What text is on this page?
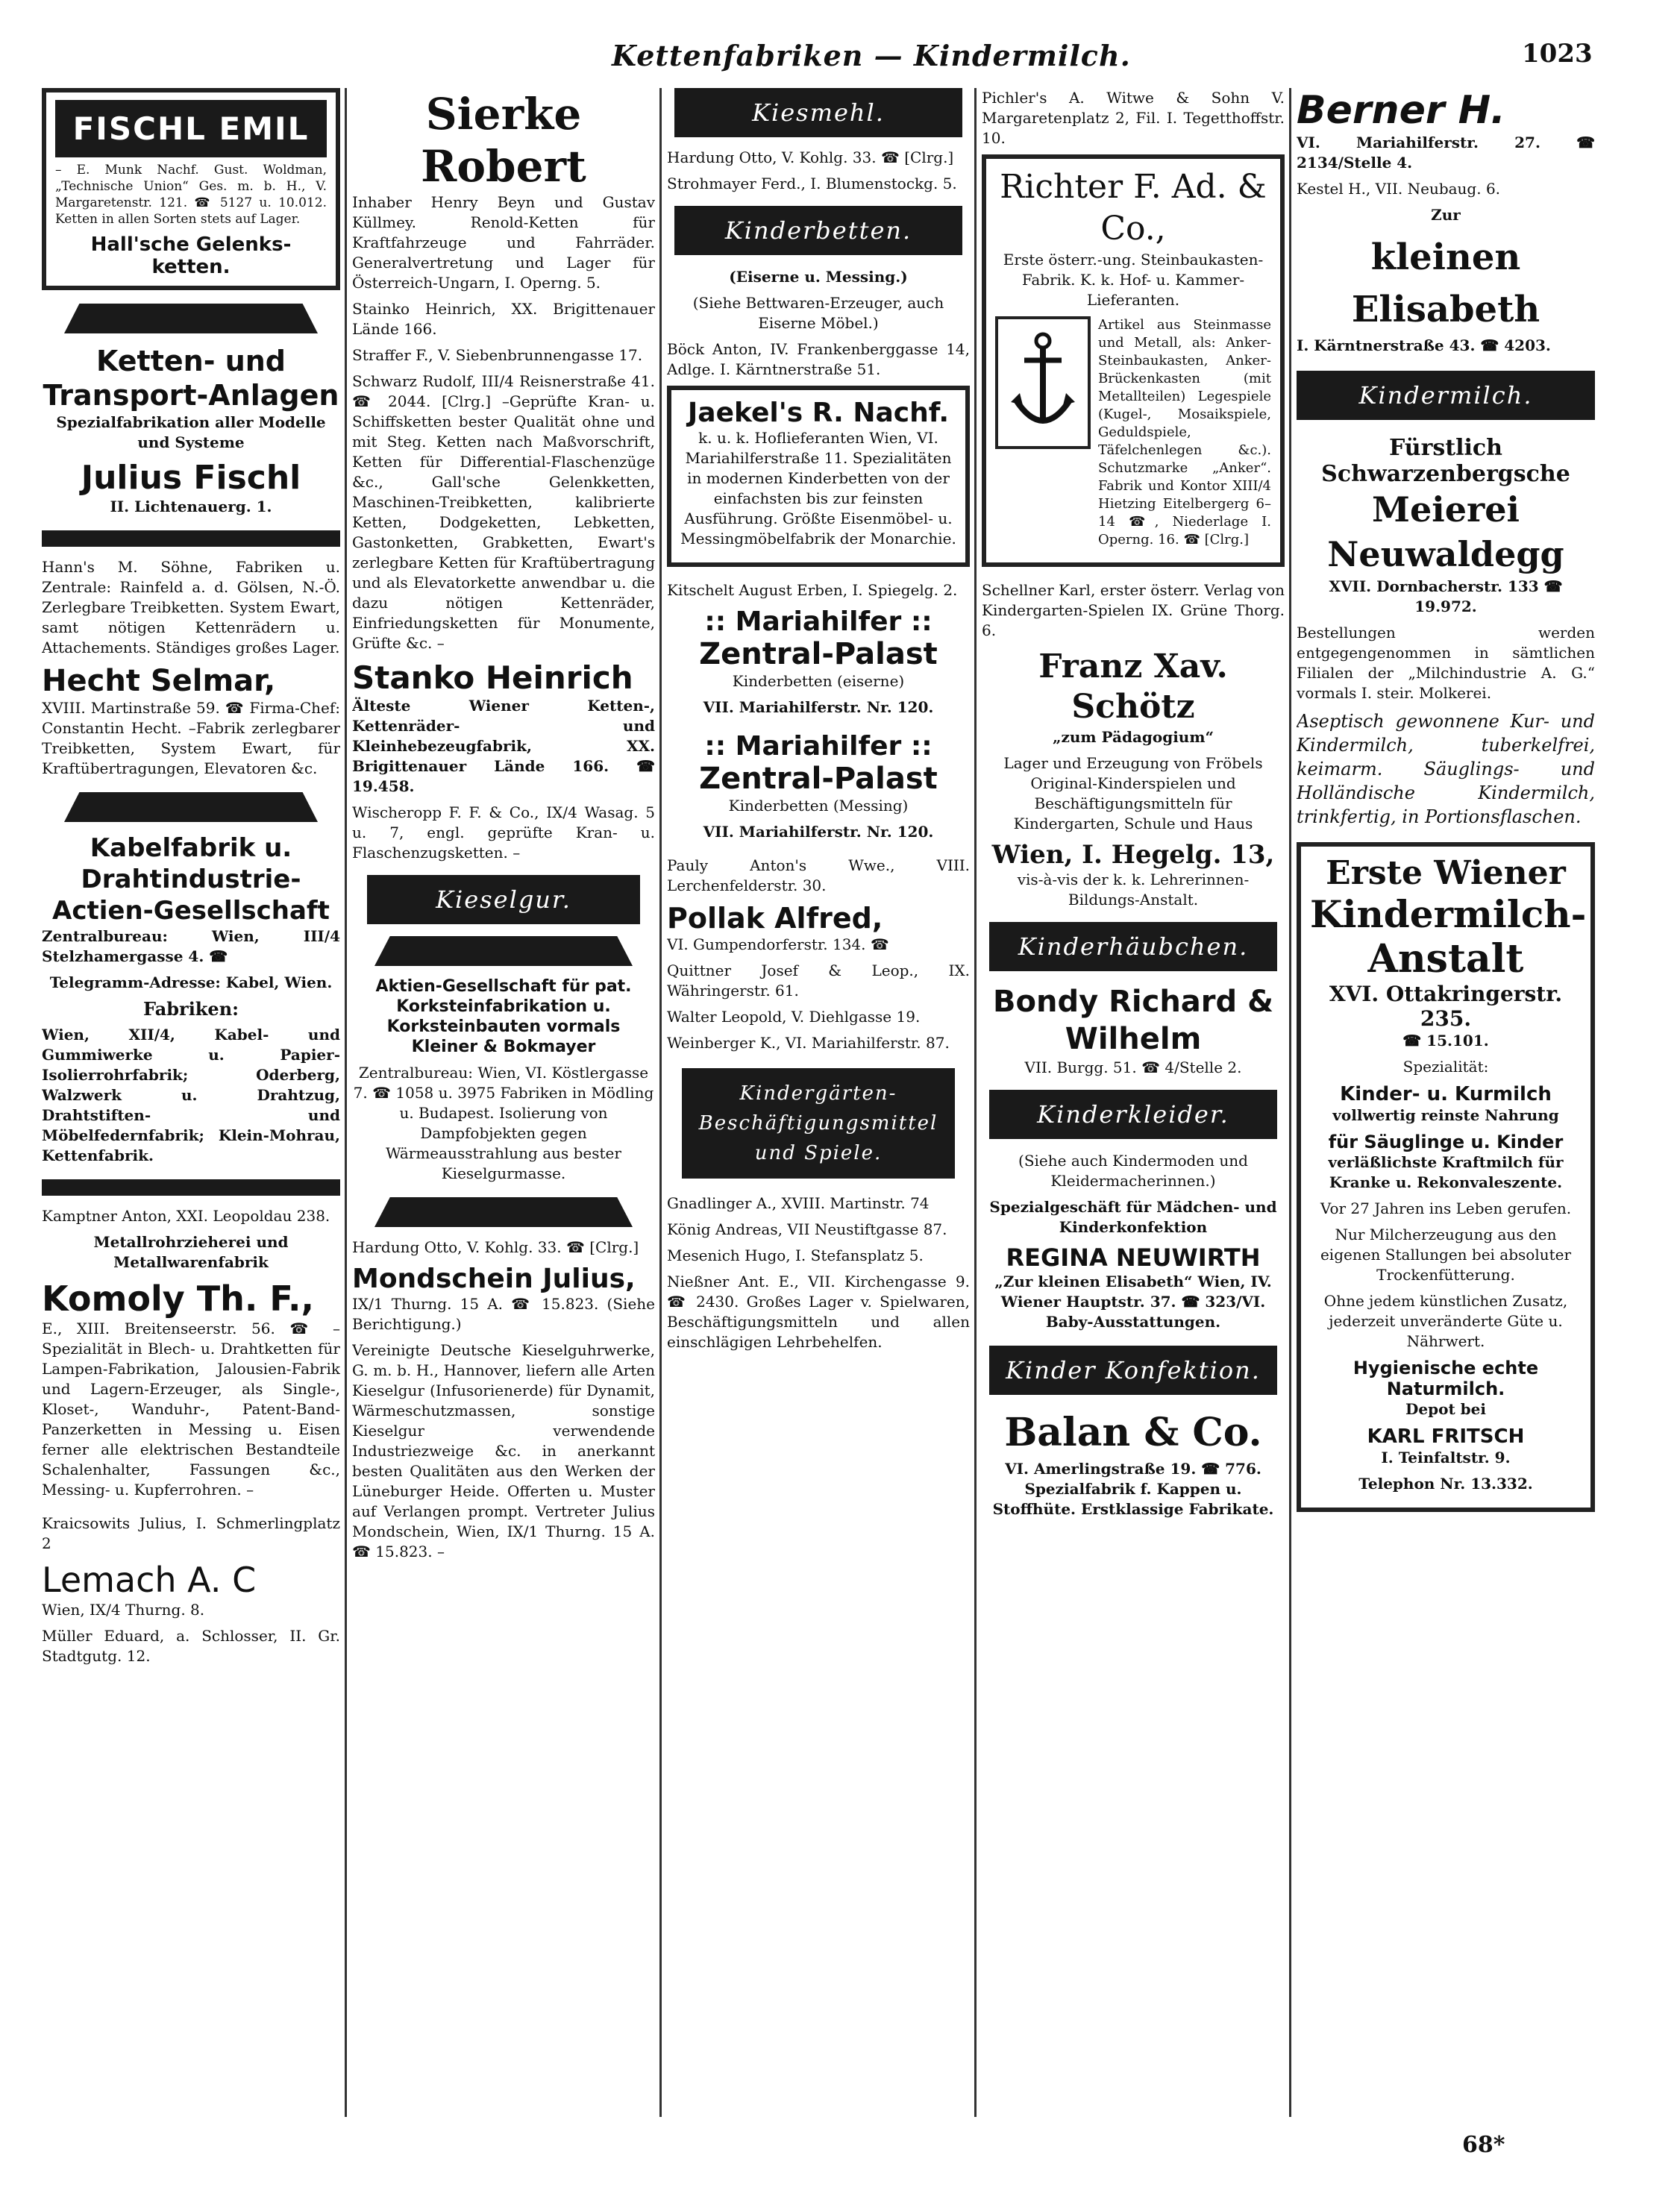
Kettenfabriken — Kindermilch.	1023
FISCHL EMIL
– E. Munk Nachf. Gust. Woldman, „Technische Union“ Ges. m. b. H., V. Margaretenstr. 121. ☎ 5127 u. 10.012. Ketten in allen Sorten stets auf Lager.
Hall'sche Gelenks-ketten.
Ketten- und Transport-Anlagen
Spezialfabrikation aller Modelle und Systeme
Julius Fischl
II. Lichtenauerg. 1.
Hann's M. Söhne, Fabriken u. Zentrale: Rainfeld a. d. Gölsen, N.-Ö. Zerlegbare Treibketten. System Ewart, samt nötigen Kettenrädern u. Attachements. Ständiges großes Lager.
Hecht Selmar,
XVIII. Martinstraße 59. ☎ Firma-Chef: Constantin Hecht. –Fabrik zerlegbarer Treibketten, System Ewart, für Kraftübertragungen, Elevatoren &c.
Kabelfabrik u. Drahtindustrie-Actien-Gesellschaft
Zentralbureau: Wien, III/4 Stelzhamergasse 4. ☎
Telegramm-Adresse: Kabel, Wien.
Fabriken:
Wien, XII/4, Kabel- und Gummiwerke u. Papier-Isolierrohrfabrik; Oderberg, Walzwerk u. Drahtzug, Drahtstiften- und Möbelfedernfabrik; Klein-Mohrau, Kettenfabrik.
Kamptner Anton, XXI. Leopoldau 238.
Metallrohrzieherei und Metallwarenfabrik
Komoly Th. F.,
E., XIII. Breitenseerstr. 56. ☎ –Spezialität in Blech- u. Drahtketten für Lampen-Fabrikation, Jalousien-Fabrik und Lagern-Erzeuger, als Single-, Kloset-, Wanduhr-, Patent-Band-Panzerketten in Messing u. Eisen ferner alle elektrischen Bestandteile Schalenhalter, Fassungen &c., Messing- u. Kupferrohren. –
Kraicsowits Julius, I. Schmerlingplatz 2
Lemach A. C
Wien, IX/4 Thurng. 8.
Müller Eduard, a. Schlosser, II. Gr. Stadtgutg. 12.
Sierke Robert
Inhaber Henry Beyn und Gustav Küllmey. Renold-Ketten für Kraftfahrzeuge und Fahrräder. Generalvertretung und Lager für Österreich-Ungarn, I. Operng. 5.
Stainko Heinrich, XX. Brigittenauer Lände 166.
Straffer F., V. Siebenbrunnengasse 17.
Schwarz Rudolf, III/4 Reisnerstraße 41. ☎ 2044. [Clrg.] –Geprüfte Kran- u. Schiffsketten bester Qualität ohne und mit Steg. Ketten nach Maßvorschrift, Ketten für Differential-Flaschenzüge &c., Gall'sche Gelenkketten, Maschinen-Treibketten, kalibrierte Ketten, Dodgeketten, Lebketten, Gastonketten, Grabketten, Ewart's zerlegbare Ketten für Kraftübertragung und als Elevatorkette anwendbar u. die dazu nötigen Kettenräder, Einfriedungsketten für Monumente, Grüfte &c. –
Stanko Heinrich
Älteste Wiener Ketten-, Kettenräder- und Kleinhebezeugfabrik, XX. Brigittenauer Lände 166. ☎ 19.458.
Wischeropp F. F. & Co., IX/4 Wasag. 5 u. 7, engl. geprüfte Kran- u. Flaschenzugsketten. –
Kieselgur.
Aktien-Gesellschaft für pat. Korksteinfabrikation u. Korksteinbauten vormals Kleiner & Bokmayer
Zentralbureau: Wien, VI. Köstlergasse 7. ☎ 1058 u. 3975 Fabriken in Mödling u. Budapest. Isolierung von Dampfobjekten gegen Wärmeausstrahlung aus bester Kieselgurmasse.
Hardung Otto, V. Kohlg. 33. ☎ [Clrg.]
Mondschein Julius,
IX/1 Thurng. 15 A. ☎ 15.823. (Siehe Berichtigung.)
Vereinigte Deutsche Kieselguhrwerke, G. m. b. H., Hannover, liefern alle Arten Kieselgur (Infusorienerde) für Dynamit, Wärmeschutzmassen, sonstige Kieselgur verwendende Industriezweige &c. in anerkannt besten Qualitäten aus den Werken der Lüneburger Heide. Offerten u. Muster auf Verlangen prompt. Vertreter Julius Mondschein, Wien, IX/1 Thurng. 15 A. ☎ 15.823. –
Kiesmehl.
Hardung Otto, V. Kohlg. 33. ☎ [Clrg.]
Strohmayer Ferd., I. Blumenstockg. 5.
Kinderbetten.
(Eiserne u. Messing.)
(Siehe Bettwaren-Erzeuger, auch Eiserne Möbel.)
Böck Anton, IV. Frankenberggasse 14, Adlge. I. Kärntnerstraße 51.
Jaekel's R. Nachf.
k. u. k. Hoflieferanten Wien, VI. Mariahilferstraße 11. Spezialitäten in modernen Kinderbetten von der einfachsten bis zur feinsten Ausführung. Größte Eisenmöbel- u. Messingmöbelfabrik der Monarchie.
Kitschelt August Erben, I. Spiegelg. 2.
:: Mariahilfer ::
Zentral-Palast
Kinderbetten (eiserne)
VII. Mariahilferstr. Nr. 120.
:: Mariahilfer ::
Zentral-Palast
Kinderbetten (Messing)
VII. Mariahilferstr. Nr. 120.
Pauly Anton's Wwe., VIII. Lerchenfelderstr. 30.
Pollak Alfred,
VI. Gumpendorferstr. 134. ☎
Quittner Josef & Leop., IX. Währingerstr. 61.
Walter Leopold, V. Diehlgasse 19.
Weinberger K., VI. Mariahilferstr. 87.
Kindergärten-Beschäftigungsmittel und Spiele.
Gnadlinger A., XVIII. Martinstr. 74
König Andreas, VII Neustiftgasse 87.
Mesenich Hugo, I. Stefansplatz 5.
Nießner Ant. E., VII. Kirchengasse 9. ☎ 2430. Großes Lager v. Spielwaren, Beschäftigungsmitteln und allen einschlägigen Lehrbehelfen.
Pichler's A. Witwe & Sohn V. Margaretenplatz 2, Fil. I. Tegetthoffstr. 10.
Richter F. Ad. & Co.,
Erste österr.-ung. Steinbaukasten-Fabrik. K. k. Hof- u. Kammer-Lieferanten.
Artikel aus Steinmasse und Metall, als: Anker-Steinbaukasten, Anker-Brückenkasten (mit Metallteilen) Legespiele (Kugel-, Mosaikspiele, Geduldspiele, Täfelchenlegen &c.). Schutzmarke „Anker“. Fabrik und Kontor XIII/4 Hietzing Eitelbergerg 6–14 ☎, Niederlage I. Operng. 16. ☎ [Clrg.]
Schellner Karl, erster österr. Verlag von Kindergarten-Spielen IX. Grüne Thorg. 6.
Franz Xav. Schötz
„zum Pädagogium“
Lager und Erzeugung von Fröbels Original-Kinderspielen und Beschäftigungsmitteln für Kindergarten, Schule und Haus
Wien, I. Hegelg. 13,
vis-à-vis der k. k. Lehrerinnen-Bildungs-Anstalt.
Kinderhäubchen.
Bondy Richard & Wilhelm
VII. Burgg. 51. ☎ 4/Stelle 2.
Kinderkleider.
(Siehe auch Kindermoden und Kleidermacherinnen.)
Spezialgeschäft für Mädchen- und Kinderkonfektion
REGINA NEUWIRTH
„Zur kleinen Elisabeth“ Wien, IV. Wiener Hauptstr. 37. ☎ 323/VI. Baby-Ausstattungen.
Kinder Konfektion.
Balan & Co.
VI. Amerlingstraße 19. ☎ 776. Spezialfabrik f. Kappen u. Stoffhüte. Erstklassige Fabrikate.
Berner H.
VI. Mariahilferstr. 27. ☎ 2134/Stelle 4.
Kestel H., VII. Neubaug. 6.
Zur
kleinen Elisabeth
I. Kärntnerstraße 43. ☎ 4203.
Kindermilch.
Fürstlich Schwarzenbergsche
Meierei Neuwaldegg
XVII. Dornbacherstr. 133 ☎ 19.972.
Bestellungen werden entgegengenommen in sämtlichen Filialen der „Milchindustrie A. G.“ vormals I. steir. Molkerei.
Aseptisch gewonnene Kur- und Kindermilch, tuberkelfrei, keimarm. Säuglings- und Holländische Kindermilch, trinkfertig, in Portionsflaschen.
Erste Wiener
Kindermilch-
Anstalt
XVI. Ottakringerstr. 235.
☎ 15.101.
Spezialität:
Kinder- u. Kurmilch
vollwertig reinste Nahrung
für Säuglinge u. Kinder
verläßlichste Kraftmilch für Kranke u. Rekonvaleszente.
Vor 27 Jahren ins Leben gerufen.
Nur Milcherzeugung aus den eigenen Stallungen bei absoluter Trockenfütterung.
Ohne jedem künstlichen Zusatz, jederzeit unveränderte Güte u. Nährwert.
Hygienische echte Naturmilch.
Depot bei
KARL FRITSCH
I. Teinfaltstr. 9.
Telephon Nr. 13.332.
68*
